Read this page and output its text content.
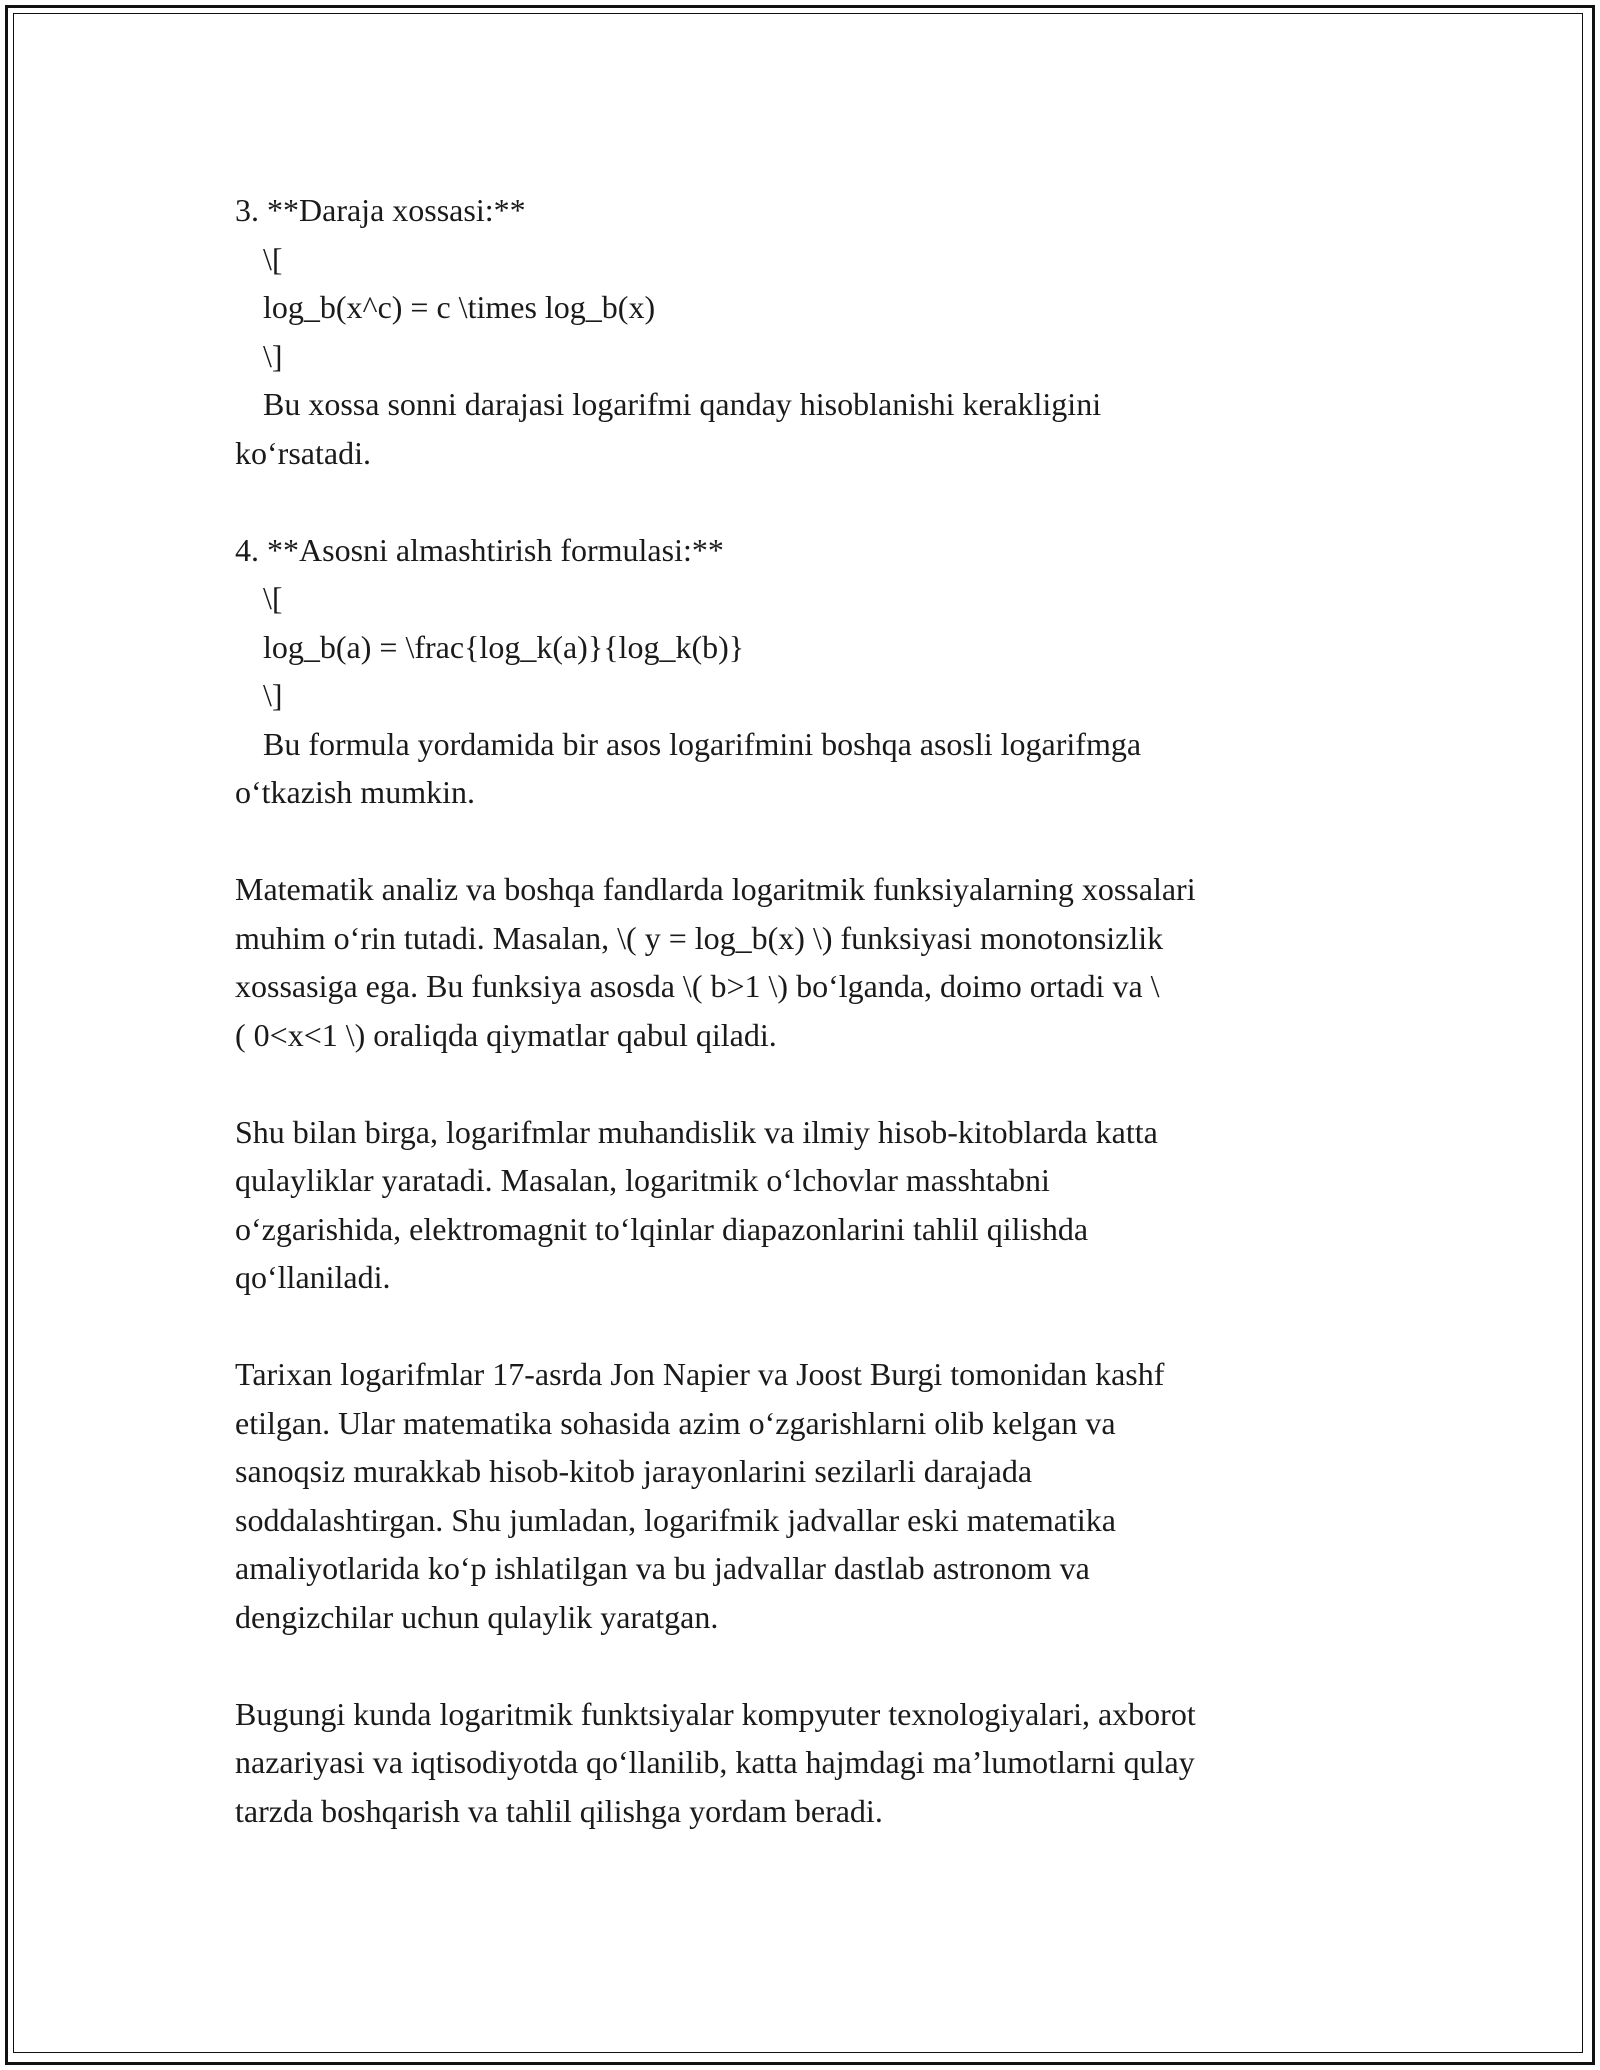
3. **Daraja xossasi:**

\[

log_b(x^c) = c \times log_b(x)

\]

Bu xossa sonni darajasi logarifmi qanday hisoblanishi kerakligini

ko‘rsatadi.

4. **Asosni almashtirish formulasi:**

\[

log_b(a) = \frac{log_k(a)}{log_k(b)}

\]

Bu formula yordamida bir asos logarifmini boshqa asosli logarifmga

o‘tkazish mumkin.

Matematik analiz va boshqa fandlarda logaritmik funksiyalarning xossalari

muhim o‘rin tutadi. Masalan, \( y = log_b(x) \) funksiyasi monotonsizlik

xossasiga ega. Bu funksiya asosda \( b>1 \) bo‘lganda, doimo ortadi va \

( 0<x<1 \) oraliqda qiymatlar qabul qiladi.

Shu bilan birga, logarifmlar muhandislik va ilmiy hisob-kitoblarda katta

qulayliklar yaratadi. Masalan, logaritmik o‘lchovlar masshtabni

o‘zgarishida, elektromagnit to‘lqinlar diapazonlarini tahlil qilishda

qo‘llaniladi.

Tarixan logarifmlar 17-asrda Jon Napier va Joost Burgi tomonidan kashf

etilgan. Ular matematika sohasida azim o‘zgarishlarni olib kelgan va

sanoqsiz murakkab hisob-kitob jarayonlarini sezilarli darajada

soddalashtirgan. Shu jumladan, logarifmik jadvallar eski matematika

amaliyotlarida ko‘p ishlatilgan va bu jadvallar dastlab astronom va

dengizchilar uchun qulaylik yaratgan.

Bugungi kunda logaritmik funktsiyalar kompyuter texnologiyalari, axborot

nazariyasi va iqtisodiyotda qo‘llanilib, katta hajmdagi ma’lumotlarni qulay

tarzda boshqarish va tahlil qilishga yordam beradi.
